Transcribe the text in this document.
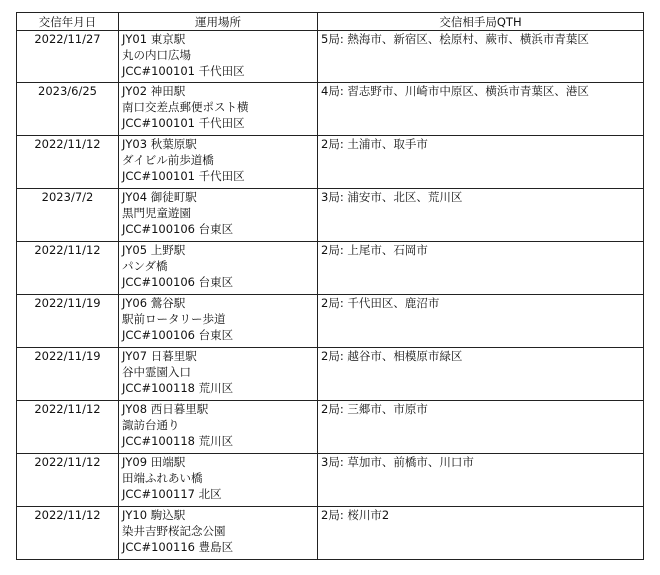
交信年月日	運用場所	交信相手局QTH
2022/11/27	JY01 東京駅
丸の内口広場
JCC#100101 千代田区	5局: 熱海市、新宿区、桧原村、蕨市、横浜市青葉区
2023/6/25	JY02 神田駅
南口交差点郵便ポスト横
JCC#100101 千代田区	4局: 習志野市、川崎市中原区、横浜市青葉区、港区
2022/11/12	JY03 秋葉原駅
ダイビル前歩道橋
JCC#100101 千代田区	2局: 土浦市、取手市
2023/7/2	JY04 御徒町駅
黒門児童遊園
JCC#100106 台東区	3局: 浦安市、北区、荒川区
2022/11/12	JY05 上野駅
パンダ橋
JCC#100106 台東区	2局: 上尾市、石岡市
2022/11/19	JY06 鶯谷駅
駅前ロータリー歩道
JCC#100106 台東区	2局: 千代田区、鹿沼市
2022/11/19	JY07 日暮里駅
谷中霊園入口
JCC#100118 荒川区	2局: 越谷市、相模原市緑区
2022/11/12	JY08 西日暮里駅
諏訪台通り
JCC#100118 荒川区	2局: 三郷市、市原市
2022/11/12	JY09 田端駅
田端ふれあい橋
JCC#100117 北区	3局: 草加市、前橋市、川口市
2022/11/12	JY10 駒込駅
染井吉野桜記念公園
JCC#100116 豊島区	2局: 桜川市2
